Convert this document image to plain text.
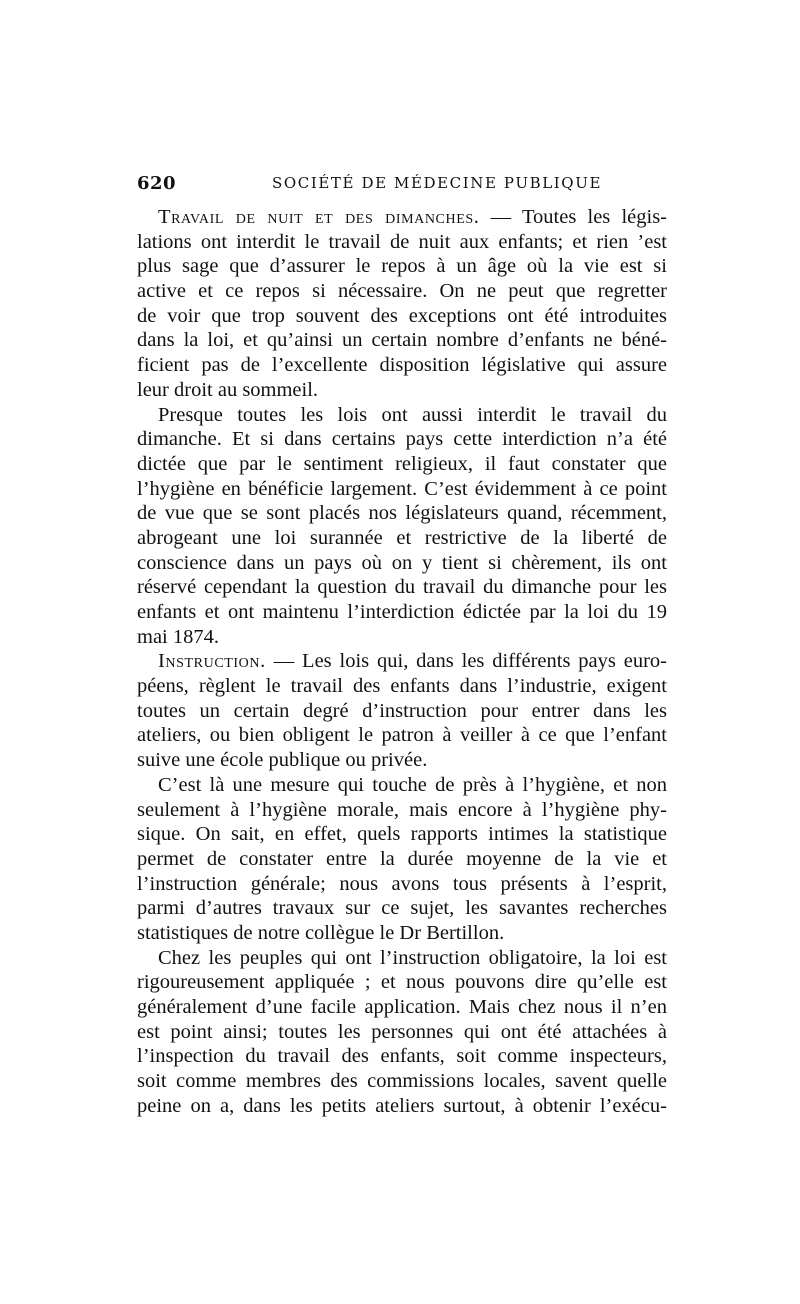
620	SOCIÉTÉ DE MÉDECINE PUBLIQUE

Travail de nuit et des dimanches. — Toutes les légis-
lations ont interdit le travail de nuit aux enfants; et rien ’est
plus sage que d’assurer le repos à un âge où la vie est si
active et ce repos si nécessaire. On ne peut que regretter
de voir que trop souvent des exceptions ont été introduites
dans la loi, et qu’ainsi un certain nombre d’enfants ne béné-
ficient pas de l’excellente disposition législative qui assure
leur droit au sommeil.

Presque toutes les lois ont aussi interdit le travail du
dimanche. Et si dans certains pays cette interdiction n’a été
dictée que par le sentiment religieux, il faut constater que
l’hygiène en bénéficie largement. C’est évidemment à ce point
de vue que se sont placés nos législateurs quand, récemment,
abrogeant une loi surannée et restrictive de la liberté de
conscience dans un pays où on y tient si chèrement, ils ont
réservé cependant la question du travail du dimanche pour les
enfants et ont maintenu l’interdiction édictée par la loi du 19
mai 1874.

Instruction. — Les lois qui, dans les différents pays euro-
péens, règlent le travail des enfants dans l’industrie, exigent
toutes un certain degré d’instruction pour entrer dans les
ateliers, ou bien obligent le patron à veiller à ce que l’enfant
suive une école publique ou privée.

C’est là une mesure qui touche de près à l’hygiène, et non
seulement à l’hygiène morale, mais encore à l’hygiène phy-
sique. On sait, en effet, quels rapports intimes la statistique
permet de constater entre la durée moyenne de la vie et
l’instruction générale; nous avons tous présents à l’esprit,
parmi d’autres travaux sur ce sujet, les savantes recherches
statistiques de notre collègue le Dr Bertillon.

Chez les peuples qui ont l’instruction obligatoire, la loi est
rigoureusement appliquée ; et nous pouvons dire qu’elle est
généralement d’une facile application. Mais chez nous il n’en
est point ainsi; toutes les personnes qui ont été attachées à
l’inspection du travail des enfants, soit comme inspecteurs,
soit comme membres des commissions locales, savent quelle
peine on a, dans les petits ateliers surtout, à obtenir l’exécu-
